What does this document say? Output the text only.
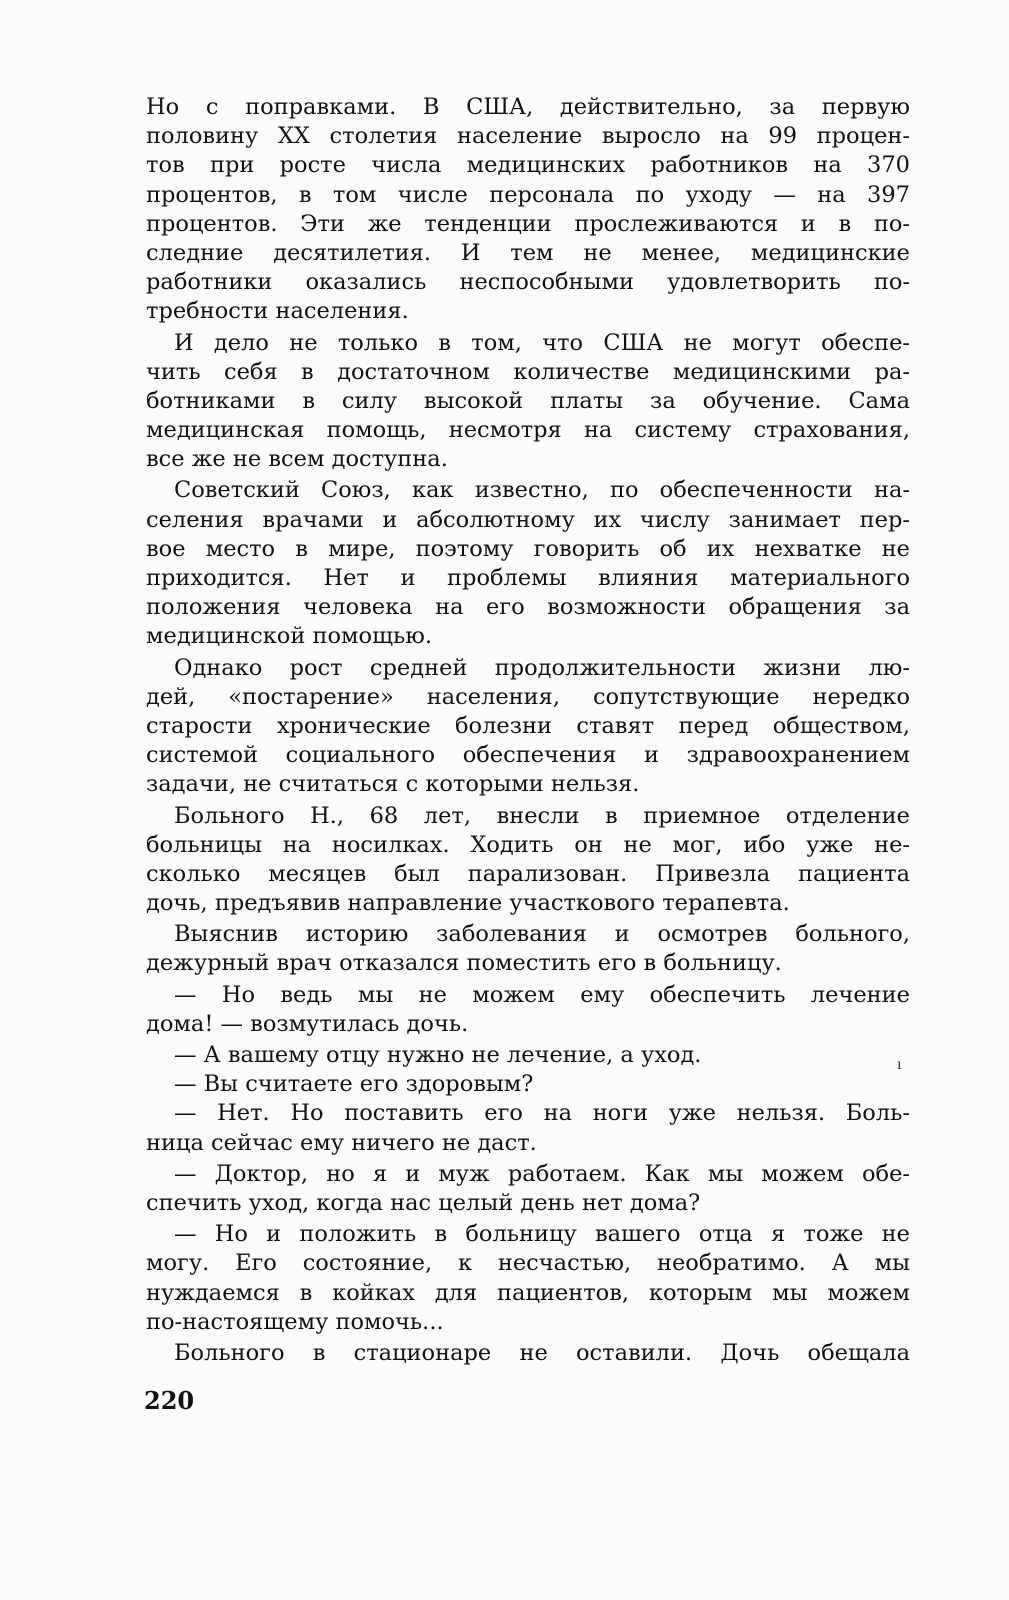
Но с поправками. В США, действительно, за первую
половину XX столетия население выросло на 99 процен-
тов при росте числа медицинских работников на 370
процентов, в том числе персонала по уходу — на 397
процентов. Эти же тенденции прослеживаются и в по-
следние десятилетия. И тем не менее, медицинские
работники оказались неспособными удовлетворить по-
требности населения.
И дело не только в том, что США не могут обеспе-
чить себя в достаточном количестве медицинскими ра-
ботниками в силу высокой платы за обучение. Сама
медицинская помощь, несмотря на систему страхования,
все же не всем доступна.
Советский Союз, как известно, по обеспеченности на-
селения врачами и абсолютному их числу занимает пер-
вое место в мире, поэтому говорить об их нехватке не
приходится. Нет и проблемы влияния материального
положения человека на его возможности обращения за
медицинской помощью.
Однако рост средней продолжительности жизни лю-
дей, «постарение» населения, сопутствующие нередко
старости хронические болезни ставят перед обществом,
системой социального обеспечения и здравоохранением
задачи, не считаться с которыми нельзя.
Больного Н., 68 лет, внесли в приемное отделение
больницы на носилках. Ходить он не мог, ибо уже не-
сколько месяцев был парализован. Привезла пациента
дочь, предъявив направление участкового терапевта.
Выяснив историю заболевания и осмотрев больного,
дежурный врач отказался поместить его в больницу.
— Но ведь мы не можем ему обеспечить лечение
дома! — возмутилась дочь.
— А вашему отцу нужно не лечение, а уход.
— Вы считаете его здоровым?
— Нет. Но поставить его на ноги уже нельзя. Боль-
ница сейчас ему ничего не даст.
— Доктор, но я и муж работаем. Как мы можем обе-
спечить уход, когда нас целый день нет дома?
— Но и положить в больницу вашего отца я тоже не
могу. Его состояние, к несчастью, необратимо. А мы
нуждаемся в койках для пациентов, которым мы можем
по-настоящему помочь...
Больного в стационаре не оставили. Дочь обещала
220
ı
